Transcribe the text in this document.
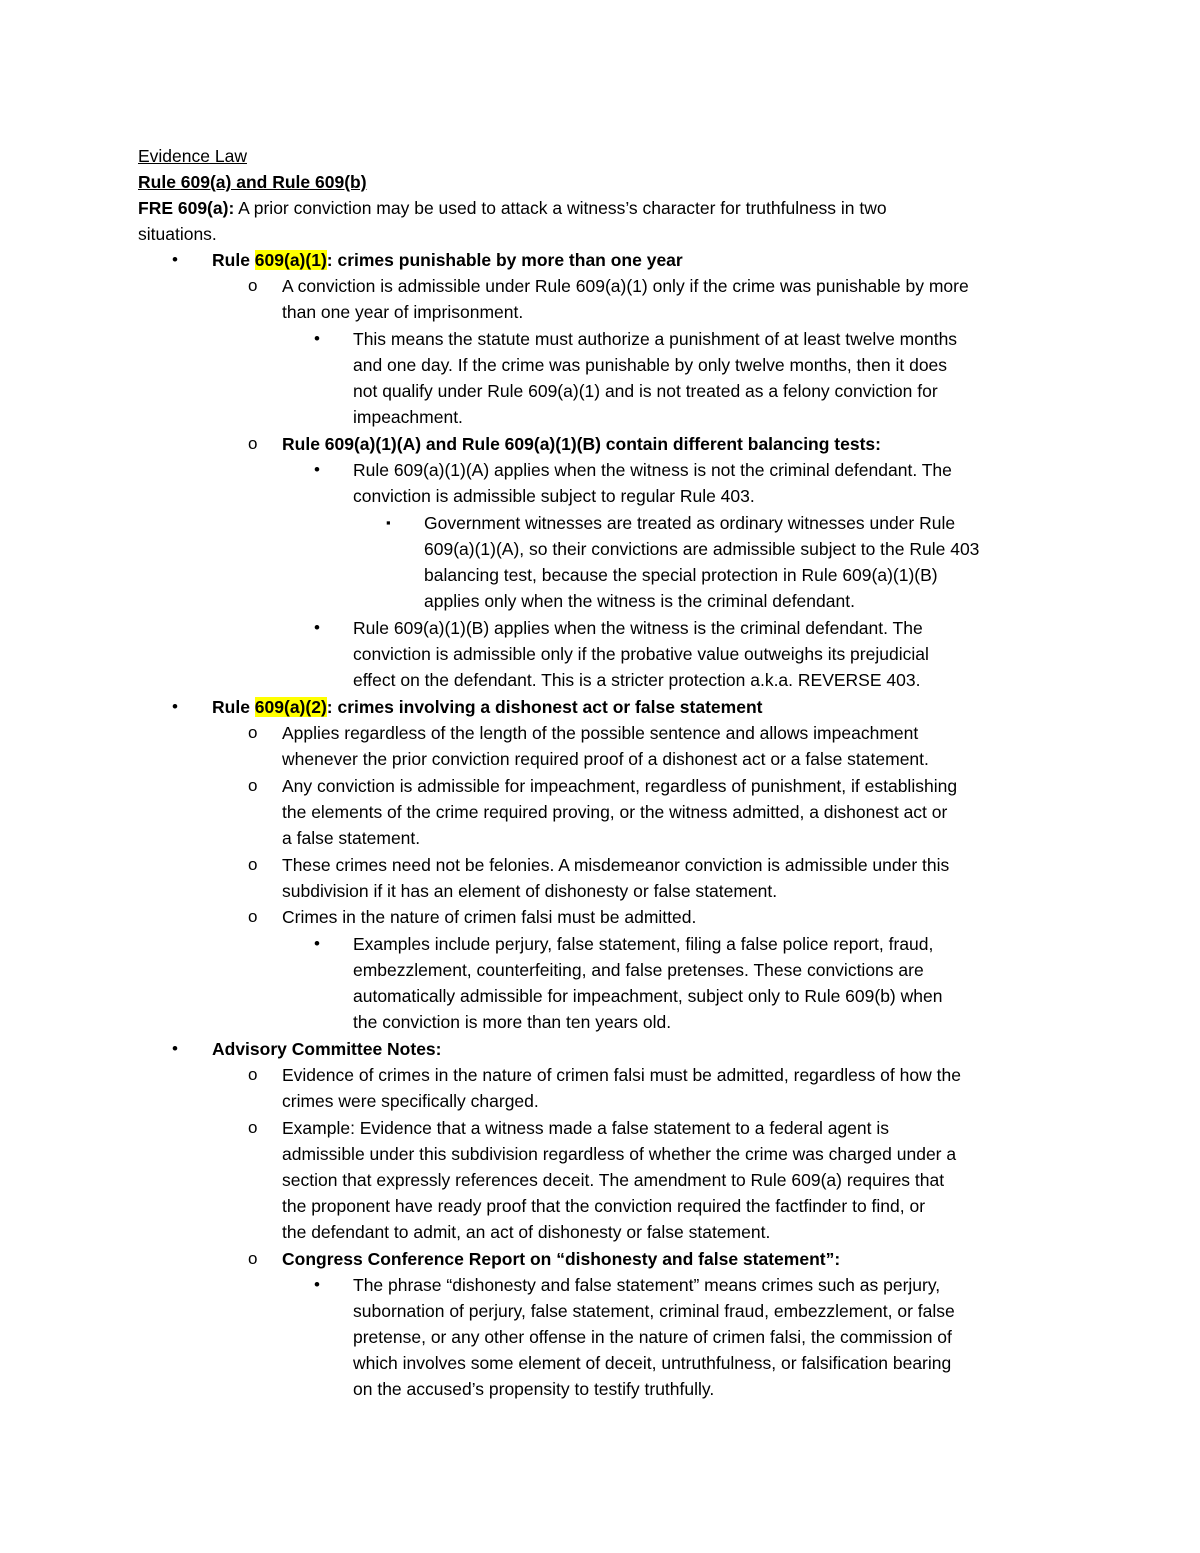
Evidence Law
Rule 609(a) and Rule 609(b)
FRE 609(a): A prior conviction may be used to attack a witness’s character for truthfulness in two
situations.
• Rule 609(a)(1): crimes punishable by more than one year
o A conviction is admissible under Rule 609(a)(1) only if the crime was punishable by more
than one year of imprisonment.
• This means the statute must authorize a punishment of at least twelve months
and one day. If the crime was punishable by only twelve months, then it does
not qualify under Rule 609(a)(1) and is not treated as a felony conviction for
impeachment.
o Rule 609(a)(1)(A) and Rule 609(a)(1)(B) contain different balancing tests:
• Rule 609(a)(1)(A) applies when the witness is not the criminal defendant. The
conviction is admissible subject to regular Rule 403.
▪ Government witnesses are treated as ordinary witnesses under Rule
609(a)(1)(A), so their convictions are admissible subject to the Rule 403
balancing test, because the special protection in Rule 609(a)(1)(B)
applies only when the witness is the criminal defendant.
• Rule 609(a)(1)(B) applies when the witness is the criminal defendant. The
conviction is admissible only if the probative value outweighs its prejudicial
effect on the defendant. This is a stricter protection a.k.a. REVERSE 403.
• Rule 609(a)(2): crimes involving a dishonest act or false statement
o Applies regardless of the length of the possible sentence and allows impeachment
whenever the prior conviction required proof of a dishonest act or a false statement.
o Any conviction is admissible for impeachment, regardless of punishment, if establishing
the elements of the crime required proving, or the witness admitted, a dishonest act or
a false statement.
o These crimes need not be felonies. A misdemeanor conviction is admissible under this
subdivision if it has an element of dishonesty or false statement.
o Crimes in the nature of crimen falsi must be admitted.
• Examples include perjury, false statement, filing a false police report, fraud,
embezzlement, counterfeiting, and false pretenses. These convictions are
automatically admissible for impeachment, subject only to Rule 609(b) when
the conviction is more than ten years old.
• Advisory Committee Notes:
o Evidence of crimes in the nature of crimen falsi must be admitted, regardless of how the
crimes were specifically charged.
o Example: Evidence that a witness made a false statement to a federal agent is
admissible under this subdivision regardless of whether the crime was charged under a
section that expressly references deceit. The amendment to Rule 609(a) requires that
the proponent have ready proof that the conviction required the factfinder to find, or
the defendant to admit, an act of dishonesty or false statement.
o Congress Conference Report on “dishonesty and false statement”:
• The phrase “dishonesty and false statement” means crimes such as perjury,
subornation of perjury, false statement, criminal fraud, embezzlement, or false
pretense, or any other offense in the nature of crimen falsi, the commission of
which involves some element of deceit, untruthfulness, or falsification bearing
on the accused’s propensity to testify truthfully.
